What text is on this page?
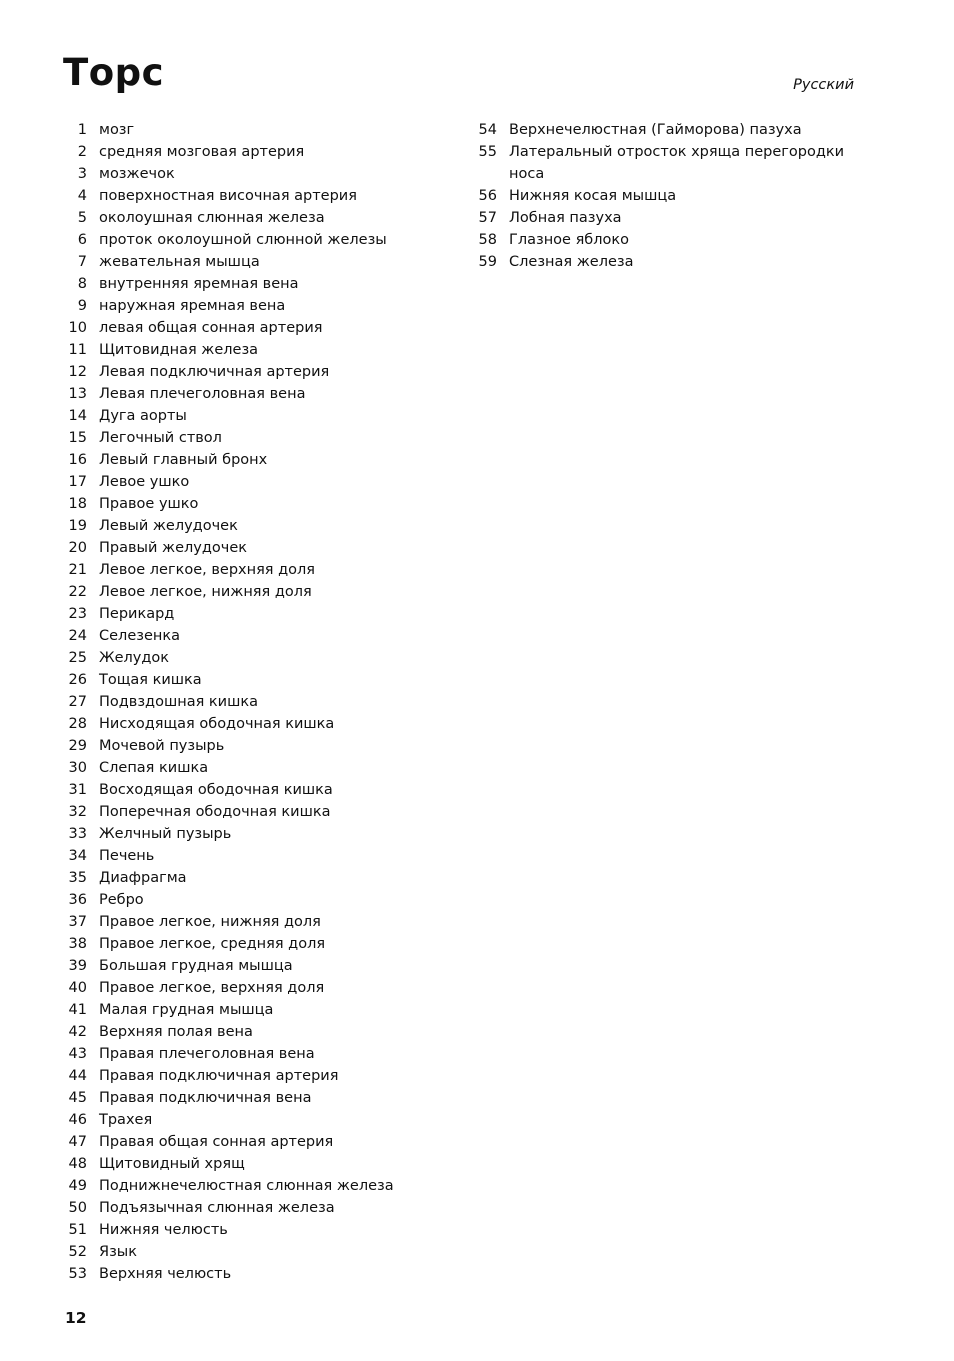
Торс	Русский
1 мозг
2 средняя мозговая артерия
3 мозжечок
4 поверхностная височная артерия
5 околоушная слюнная железа
6 проток околоушной слюнной железы
7 жевательная мышца
8 внутренняя яремная вена
9 наружная яремная вена
10 левая общая сонная артерия
11 Щитовидная железа
12 Левая подключичная артерия
13 Левая плечеголовная вена
14 Дуга аорты
15 Легочный ствол
16 Левый главный бронх
17 Левое ушко
18 Правое ушко
19 Левый желудочек
20 Правый желудочек
21 Левое легкое, верхняя доля
22 Левое легкое, нижняя доля
23 Перикард
24 Селезенка
25 Желудок
26 Тощая кишка
27 Подвздошная кишка
28 Нисходящая ободочная кишка
29 Мочевой пузырь
30 Слепая кишка
31 Восходящая ободочная кишка
32 Поперечная ободочная кишка
33 Желчный пузырь
34 Печень
35 Диафрагма
36 Ребро
37 Правое легкое, нижняя доля
38 Правое легкое, средняя доля
39 Большая грудная мышца
40 Правое легкое, верхняя доля
41 Малая грудная мышца
42 Верхняя полая вена
43 Правая плечеголовная вена
44 Правая подключичная артерия
45 Правая подключичная вена
46 Трахея
47 Правая общая сонная артерия
48 Щитовидный хрящ
49 Поднижнечелюстная слюнная железа
50 Подъязычная слюнная железа
51 Нижняя челюсть
52 Язык
53 Верхняя челюсть
54 Верхнечелюстная (Гайморова) пазуха
55 Латеральный отросток хряща перегородки носа
56 Нижняя косая мышца
57 Лобная пазуха
58 Глазное яблоко
59 Слезная железа
12
